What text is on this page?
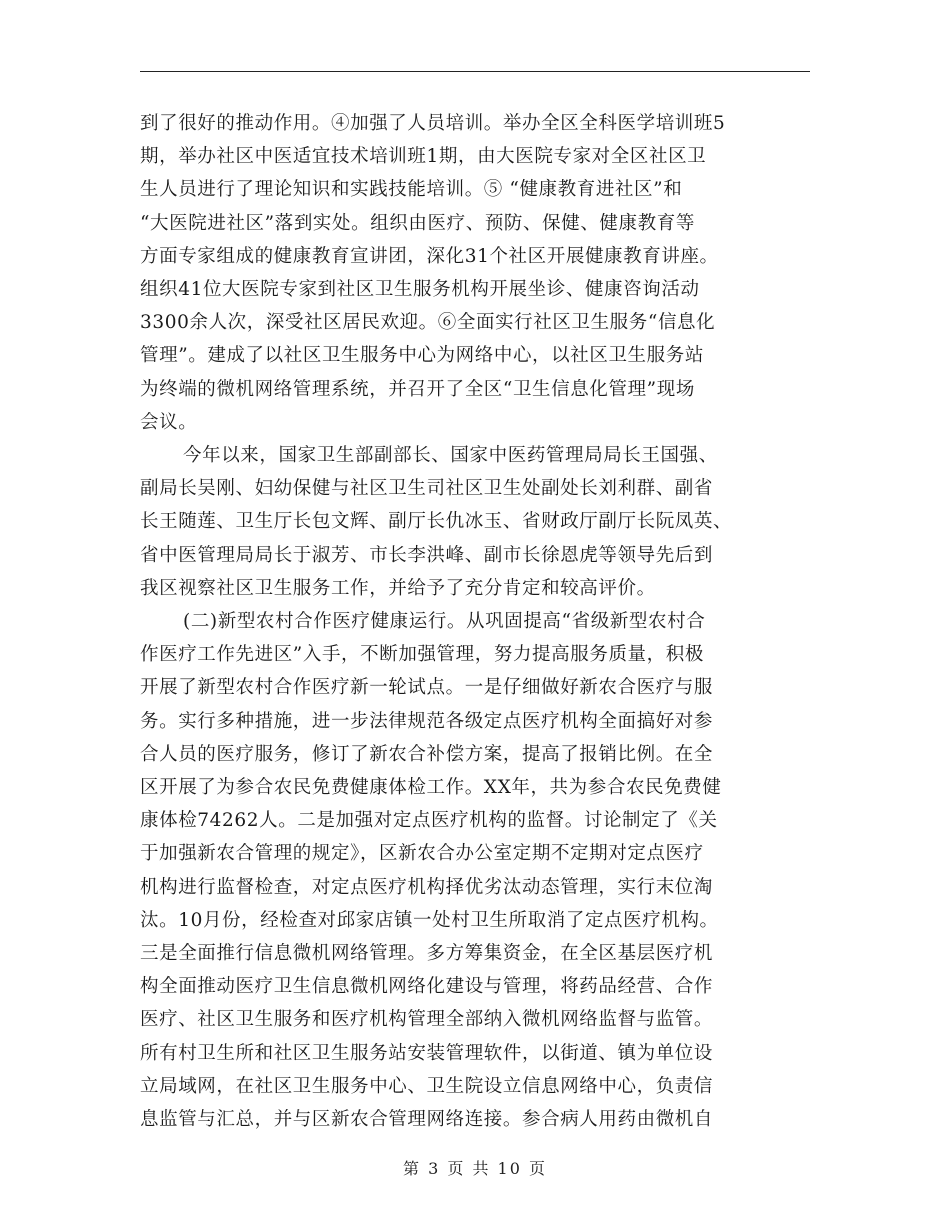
到了很好的推动作用。④加强了人员培训。举办全区全科医学培训班5
期，举办社区中医适宜技术培训班1期，由大医院专家对全区社区卫
生人员进行了理论知识和实践技能培训。⑤ “健康教育进社区”和
“大医院进社区”落到实处。组织由医疗、预防、保健、健康教育等
方面专家组成的健康教育宣讲团，深化31个社区开展健康教育讲座。
组织41位大医院专家到社区卫生服务机构开展坐诊、健康咨询活动
3300余人次，深受社区居民欢迎。⑥全面实行社区卫生服务“信息化
管理”。建成了以社区卫生服务中心为网络中心，以社区卫生服务站
为终端的微机网络管理系统，并召开了全区“卫生信息化管理”现场
会议。

今年以来，国家卫生部副部长、国家中医药管理局局长王国强、
副局长吴刚、妇幼保健与社区卫生司社区卫生处副处长刘利群、副省
长王随莲、卫生厅长包文辉、副厅长仇冰玉、省财政厅副厅长阮凤英、
省中医管理局局长于淑芳、市长李洪峰、副市长徐恩虎等领导先后到
我区视察社区卫生服务工作，并给予了充分肯定和较高评价。

(二)新型农村合作医疗健康运行。从巩固提高“省级新型农村合
作医疗工作先进区”入手，不断加强管理，努力提高服务质量，积极
开展了新型农村合作医疗新一轮试点。一是仔细做好新农合医疗与服
务。实行多种措施，进一步法律规范各级定点医疗机构全面搞好对参
合人员的医疗服务，修订了新农合补偿方案，提高了报销比例。在全
区开展了为参合农民免费健康体检工作。XX年，共为参合农民免费健
康体检74262人。二是加强对定点医疗机构的监督。讨论制定了《关
于加强新农合管理的规定》，区新农合办公室定期不定期对定点医疗
机构进行监督检查，对定点医疗机构择优劣汰动态管理，实行末位淘
汰。10月份，经检查对邱家店镇一处村卫生所取消了定点医疗机构。
三是全面推行信息微机网络管理。多方筹集资金，在全区基层医疗机
构全面推动医疗卫生信息微机网络化建设与管理，将药品经营、合作
医疗、社区卫生服务和医疗机构管理全部纳入微机网络监督与监管。
所有村卫生所和社区卫生服务站安装管理软件，以街道、镇为单位设
立局域网，在社区卫生服务中心、卫生院设立信息网络中心，负责信
息监管与汇总，并与区新农合管理网络连接。参合病人用药由微机自

第 3 页 共 10 页
